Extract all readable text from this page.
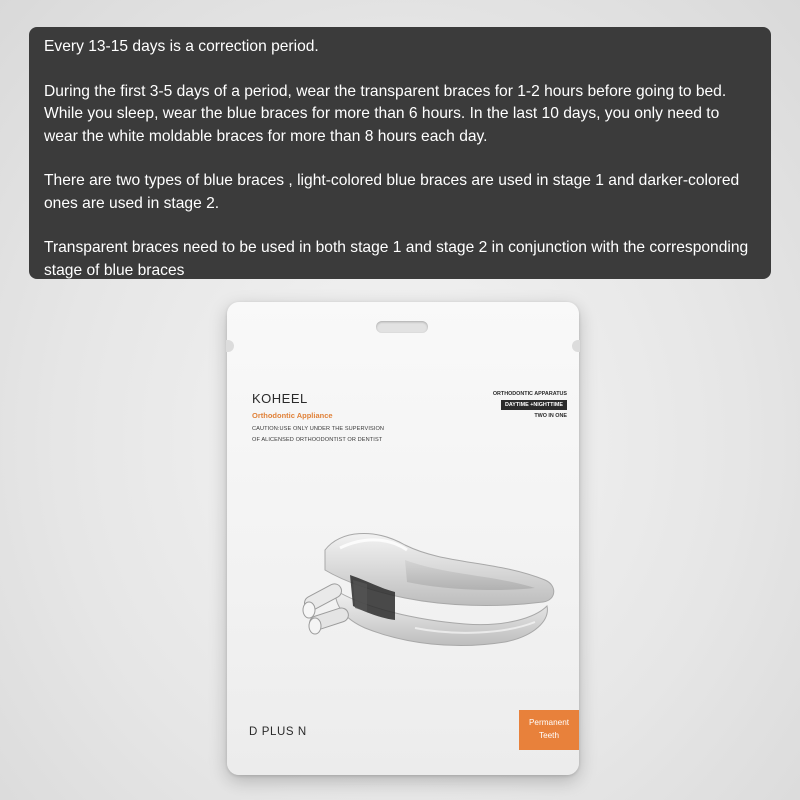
Every 13-15 days is a correction period.

During the first 3-5 days of a period, wear the transparent braces for 1-2 hours before going to bed. While you sleep, wear the blue braces for more than 6 hours. In the last 10 days, you only need to wear the white moldable braces for more than 8 hours each day.

There are two types of blue braces , light-colored blue braces are used in stage 1 and darker-colored ones are used in stage 2.

Transparent braces need to be used in both stage 1 and stage 2 in conjunction with the corresponding stage of blue braces

KOHEEL
Orthodontic Appliance
CAUTION:USE ONLY UNDER THE SUPERVISION
OF ALICENSED ORTHOODONTIST OR DENTIST
ORTHODONTIC APPARATUS
DAYTIME +NIGHTTIME
TWO IN ONE
D PLUS N
Permanent
Teeth
